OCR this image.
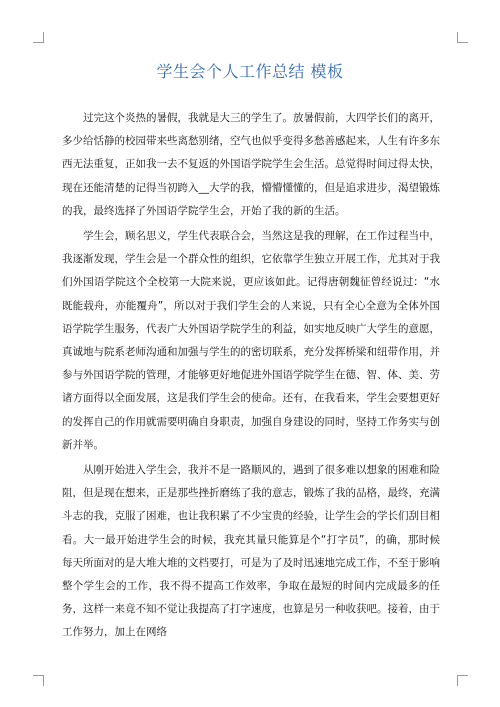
学生会个人工作总结 模板

过完这个炎热的暑假，我就是大三的学生了。放暑假前，大四学长们的离开，多少给恬静的校园带来些离愁别绪，空气也似乎变得多愁善感起来，人生有许多东西无法重复，正如我一去不复返的外国语学院学生会生活。总觉得时间过得太快，现在还能清楚的记得当初跨入__大学的我，懵懵懂懂的，但是追求进步，渴望锻炼的我，最终选择了外国语学院学生会，开始了我的新的生活。

学生会，顾名思义，学生代表联合会，当然这是我的理解，在工作过程当中，我逐渐发现，学生会是一个群众性的组织，它依靠学生独立开展工作，尤其对于我们外国语学院这个全校第一大院来说，更应该如此。记得唐朝魏征曾经说过：“水既能载舟，亦能覆舟”，所以对于我们学生会的人来说，只有全心全意为全体外国语学院学生服务，代表广大外国语学院学生的利益，如实地反映广大学生的意愿，真诚地与院系老师沟通和加强与学生的的密切联系，充分发挥桥梁和纽带作用，并参与外国语学院的管理，才能够更好地促进外国语学院学生在德、智、体、美、劳诸方面得以全面发展，这是我们学生会的使命。还有，在我看来，学生会要想更好的发挥自己的作用就需要明确自身职责，加强自身建设的同时，坚持工作务实与创新并举。

从刚开始进入学生会，我并不是一路顺风的，遇到了很多难以想象的困难和险阻，但是现在想来，正是那些挫折磨练了我的意志，锻炼了我的品格，最终，充满斗志的我，克服了困难，也让我积累了不少宝贵的经验，让学生会的学长们刮目相看。大一最开始进学生会的时候，我充其量只能算是个“打字员”，的确，那时候每天所面对的是大堆大堆的文档要打，可是为了及时迅速地完成工作，不至于影响整个学生会的工作，我不得不提高工作效率，争取在最短的时间内完成最多的任务，这样一来竟不知不觉让我提高了打字速度，也算是另一种收获吧。接着，由于工作努力，加上在网络
